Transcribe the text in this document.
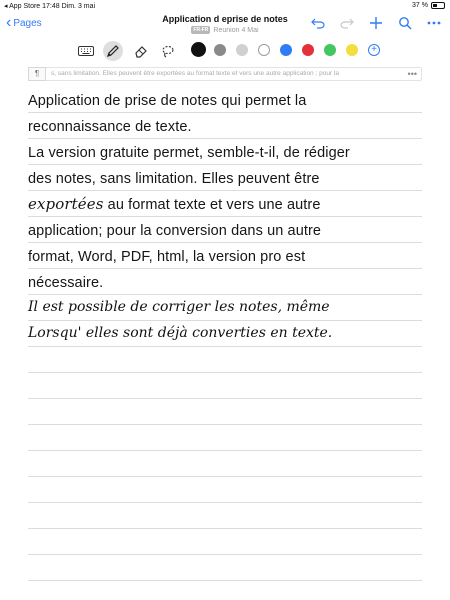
◂ App Store 17:48 Dim. 3 mai	37 %
‹ Pages	Application d eprise de notes
FR-FR Reunion 4 Mai
+
¶	s, sans limitation. Elles peuvent être exportées au format texte et vers une autre application ; pour la	•••
Application de prise de notes qui permet la
reconnaissance de texte.
La version gratuite permet, semble-t-il, de rédiger
des notes, sans limitation. Elles peuvent être
exportées au format texte et vers une autre
application; pour la conversion dans un autre
format, Word, PDF, html, la version pro est
nécessaire.
Il est possible de corriger les notes, même
Lorsqu' elles sont déjà converties en texte.
